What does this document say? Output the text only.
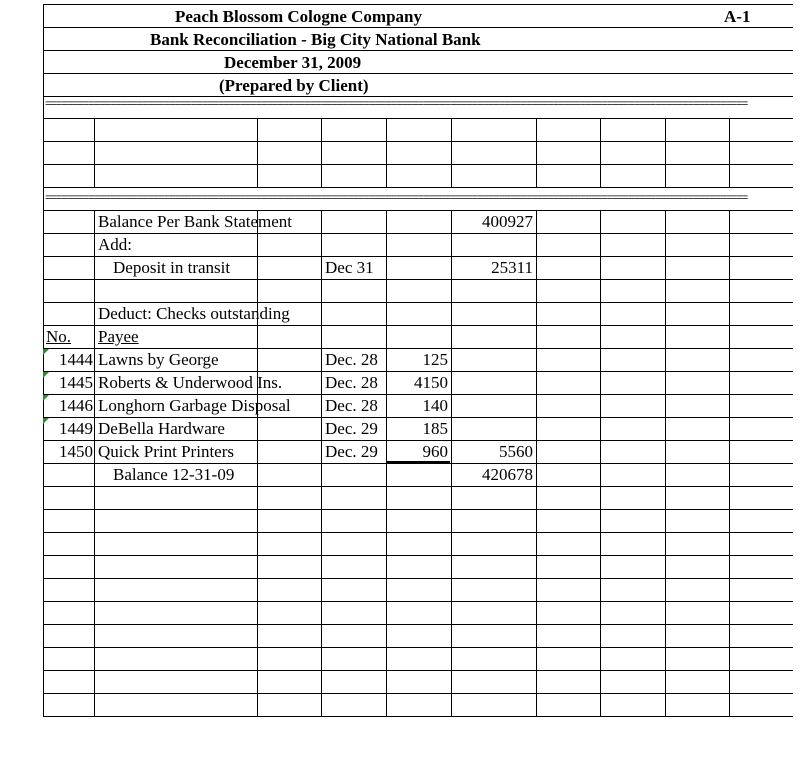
Peach Blossom Cologne Company	A-1
Bank Reconciliation - Big City National Bank
December 31, 2009
(Prepared by Client)
==================================================================================================================================
==================================================================================================================================
Balance Per Bank Statement	400927
Add:
Deposit in transit	Dec 31	25311
Deduct: Checks outstanding
No. Payee
1444 Lawns by George	Dec. 28	125
1445 Roberts & Underwood Ins.	Dec. 28	4150
1446 Longhorn Garbage Disposal Dec. 28	140
1449 DeBella Hardware	Dec. 29	185
1450 Quick Print Printers	Dec. 29	960	5560
Balance 12-31-09	420678
